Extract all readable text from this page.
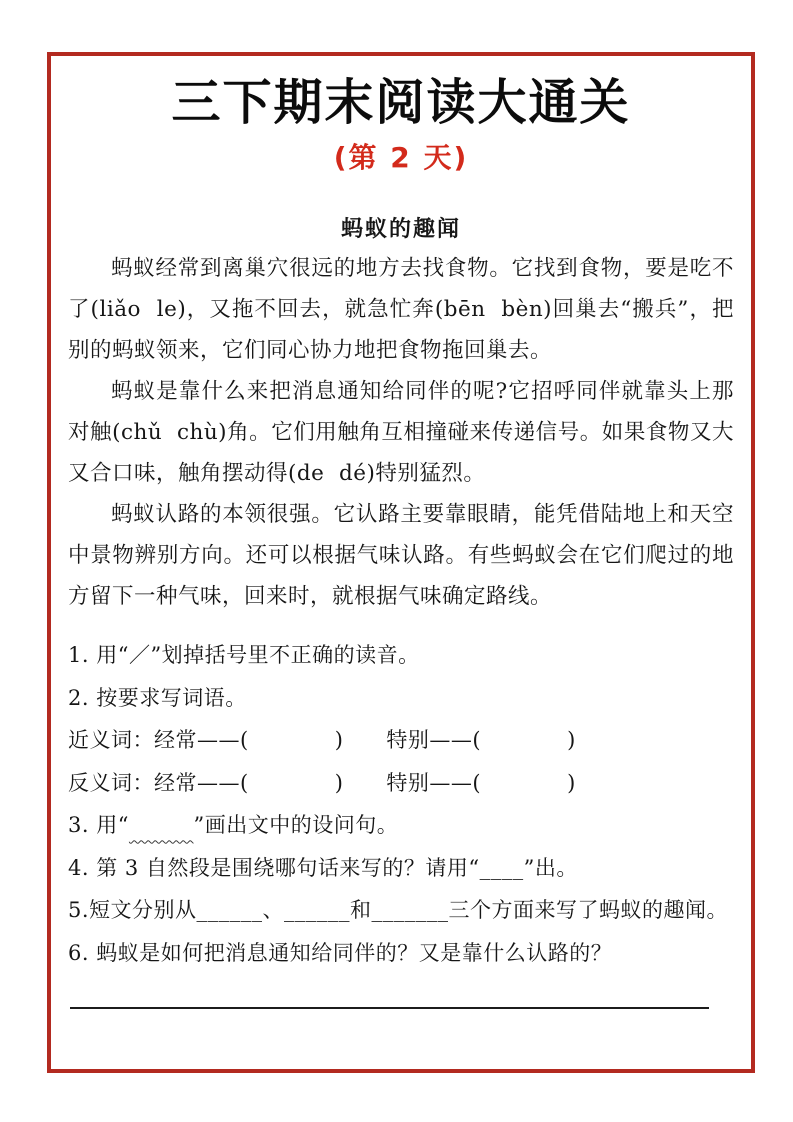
三下期末阅读大通关
(第 2 天)
蚂蚁的趣闻

蚂蚁经常到离巢穴很远的地方去找食物。它找到食物，要是吃不了(liǎo  le)，又拖不回去，就急忙奔(bēn  bèn)回巢去“搬兵”，把别的蚂蚁领来，它们同心协力地把食物拖回巢去。

蚂蚁是靠什么来把消息通知给同伴的呢?它招呼同伴就靠头上那对触(chǔ  chù)角。它们用触角互相撞碰来传递信号。如果食物又大又合口味，触角摆动得(de  dé)特别猛烈。

蚂蚁认路的本领很强。它认路主要靠眼睛，能凭借陆地上和天空中景物辨别方向。还可以根据气味认路。有些蚂蚁会在它们爬过的地方留下一种气味，回来时，就根据气味确定路线。

1. 用“／”划掉括号里不正确的读音。

2. 按要求写词语。

近义词：经常——(　　　　)　　特别——(　　　　)

反义词：经常——(　　　　)　　特别——(　　　　)

3. 用“	”画出文中的设问句。

4. 第 3 自然段是围绕哪句话来写的？请用“____”出。

5.短文分别从______、______和_______三个方面来写了蚂蚁的趣闻。

6. 蚂蚁是如何把消息通知给同伴的？又是靠什么认路的？
